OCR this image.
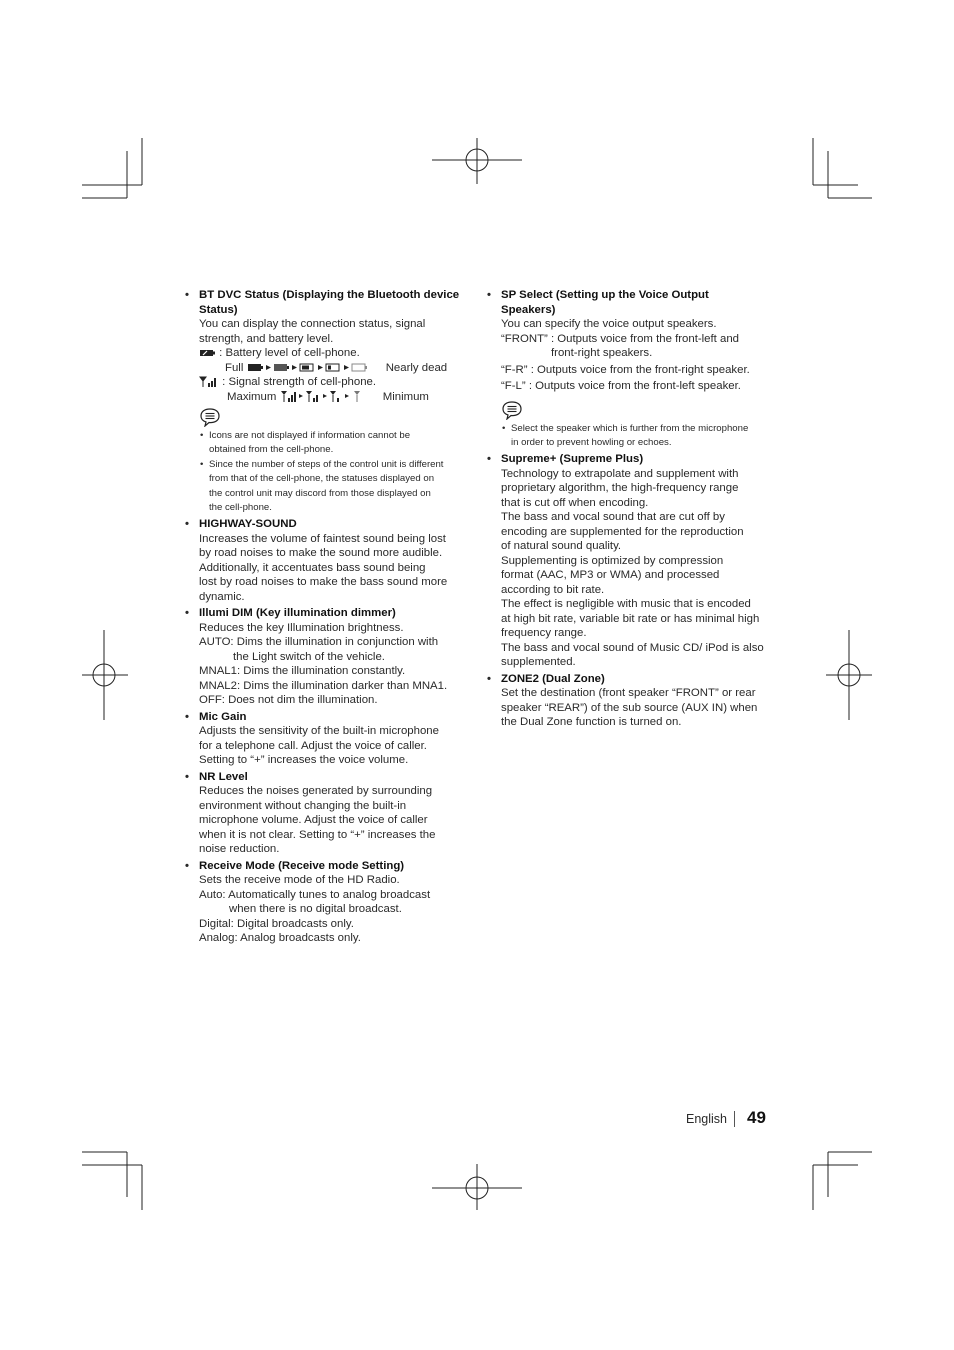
• BT DVC Status (Displaying the Bluetooth device
Status)
You can display the connection status, signal
strength, and battery level.
: Battery level of cell-phone.
Full	Nearly dead
: Signal strength of cell-phone.
Maximum	Minimum
• Icons are not displayed if information cannot be
obtained from the cell-phone.
• Since the number of steps of the control unit is different
from that of the cell-phone, the statuses displayed on
the control unit may discord from those displayed on
the cell-phone.
• HIGHWAY-SOUND
Increases the volume of faintest sound being lost
by road noises to make the sound more audible.
Additionally, it accentuates bass sound being
lost by road noises to make the bass sound more
dynamic.
• Illumi DIM (Key illumination dimmer)
Reduces the key Illumination brightness.
AUTO: Dims the illumination in conjunction with
the Light switch of the vehicle.
MNAL1: Dims the illumination constantly.
MNAL2: Dims the illumination darker than MNA1.
OFF: Does not dim the illumination.
• Mic Gain
Adjusts the sensitivity of the built-in microphone
for a telephone call. Adjust the voice of caller.
Setting to “+” increases the voice volume.
• NR Level
Reduces the noises generated by surrounding
environment without changing the built-in
microphone volume. Adjust the voice of caller
when it is not clear. Setting to “+” increases the
noise reduction.
• Receive Mode (Receive mode Setting)
Sets the receive mode of the HD Radio.
Auto: Automatically tunes to analog broadcast
when there is no digital broadcast.
Digital: Digital broadcasts only.
Analog: Analog broadcasts only.
• SP Select (Setting up the Voice Output
Speakers)
You can specify the voice output speakers.
“FRONT” : Outputs voice from the front-left and
front-right speakers.
“F-R” : Outputs voice from the front-right speaker.
“F-L” : Outputs voice from the front-left speaker.
• Select the speaker which is further from the microphone
in order to prevent howling or echoes.
• Supreme+ (Supreme Plus)
Technology to extrapolate and supplement with
proprietary algorithm, the high-frequency range
that is cut off when encoding.
The bass and vocal sound that are cut off by
encoding are supplemented for the reproduction
of natural sound quality.
Supplementing is optimized by compression
format (AAC, MP3 or WMA) and processed
according to bit rate.
The effect is negligible with music that is encoded
at high bit rate, variable bit rate or has minimal high
frequency range.
The bass and vocal sound of Music CD/ iPod is also
supplemented.
• ZONE2 (Dual Zone)
Set the destination (front speaker “FRONT” or rear
speaker “REAR”) of the sub source (AUX IN) when
the Dual Zone function is turned on.
English 49
